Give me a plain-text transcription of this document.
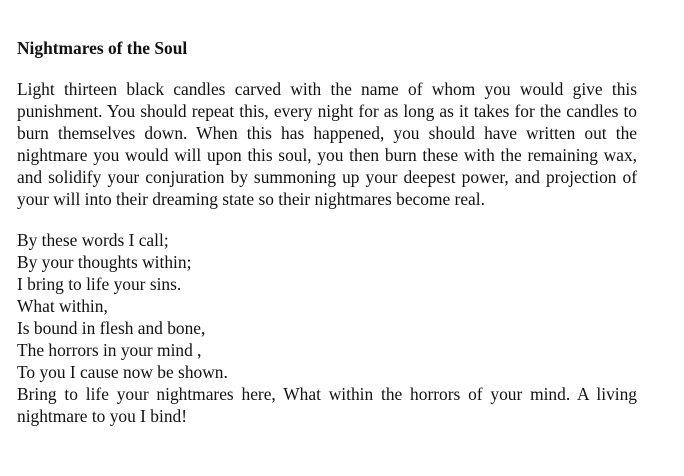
Nightmares of the Soul

Light thirteen black candles carved with the name of whom you would give this punishment. You should repeat this, every night for as long as it takes for the candles to burn themselves down. When this has happened, you should have written out the nightmare you would will upon this soul, you then burn these with the remaining wax, and solidify your conjuration by summoning up your deepest power, and projection of your will into their dreaming state so their nightmares become real.

By these words I call;
By your thoughts within;
I bring to life your sins.
What within,
Is bound in flesh and bone,
The horrors in your mind ,
To you I cause now be shown.
Bring to life your nightmares here, What within the horrors of your mind. A living nightmare to you I bind!
